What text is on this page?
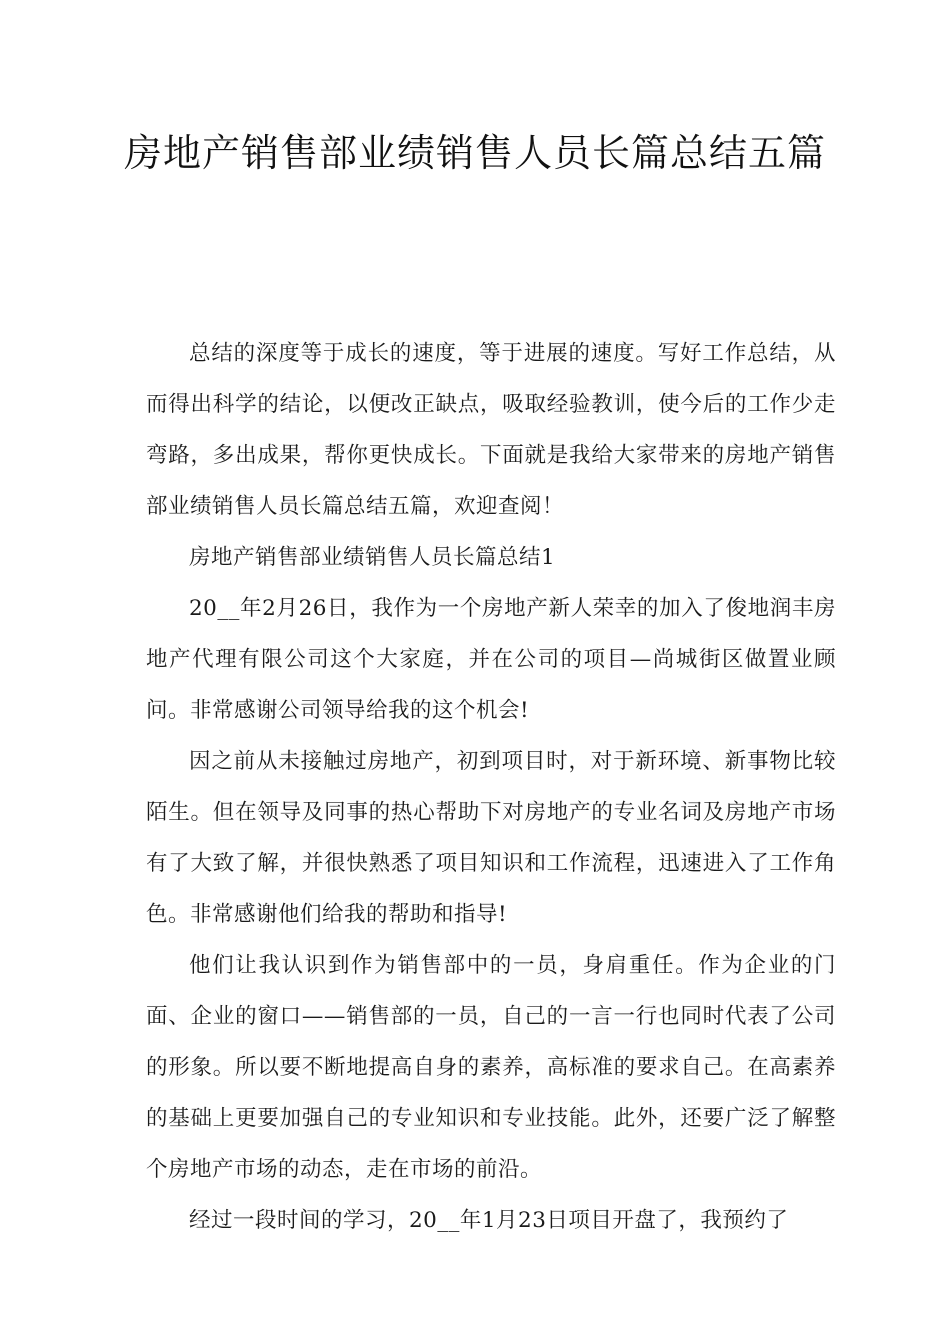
房地产销售部业绩销售人员长篇总结五篇

总结的深度等于成长的速度，等于进展的速度。写好工作总结，从而得出科学的结论，以便改正缺点，吸取经验教训，使今后的工作少走弯路，多出成果，帮你更快成长。下面就是我给大家带来的房地产销售部业绩销售人员长篇总结五篇，欢迎查阅！

房地产销售部业绩销售人员长篇总结1

20__年2月26日，我作为一个房地产新人荣幸的加入了俊地润丰房地产代理有限公司这个大家庭，并在公司的项目—尚城街区做置业顾问。非常感谢公司领导给我的这个机会!

因之前从未接触过房地产，初到项目时，对于新环境、新事物比较陌生。但在领导及同事的热心帮助下对房地产的专业名词及房地产市场有了大致了解，并很快熟悉了项目知识和工作流程，迅速进入了工作角色。非常感谢他们给我的帮助和指导!

他们让我认识到作为销售部中的一员，身肩重任。作为企业的门面、企业的窗口——销售部的一员，自己的一言一行也同时代表了公司的形象。所以要不断地提高自身的素养，高标准的要求自己。在高素养的基础上更要加强自己的专业知识和专业技能。此外，还要广泛了解整个房地产市场的动态，走在市场的前沿。

经过一段时间的学习，20__年1月23日项目开盘了，我预约了
